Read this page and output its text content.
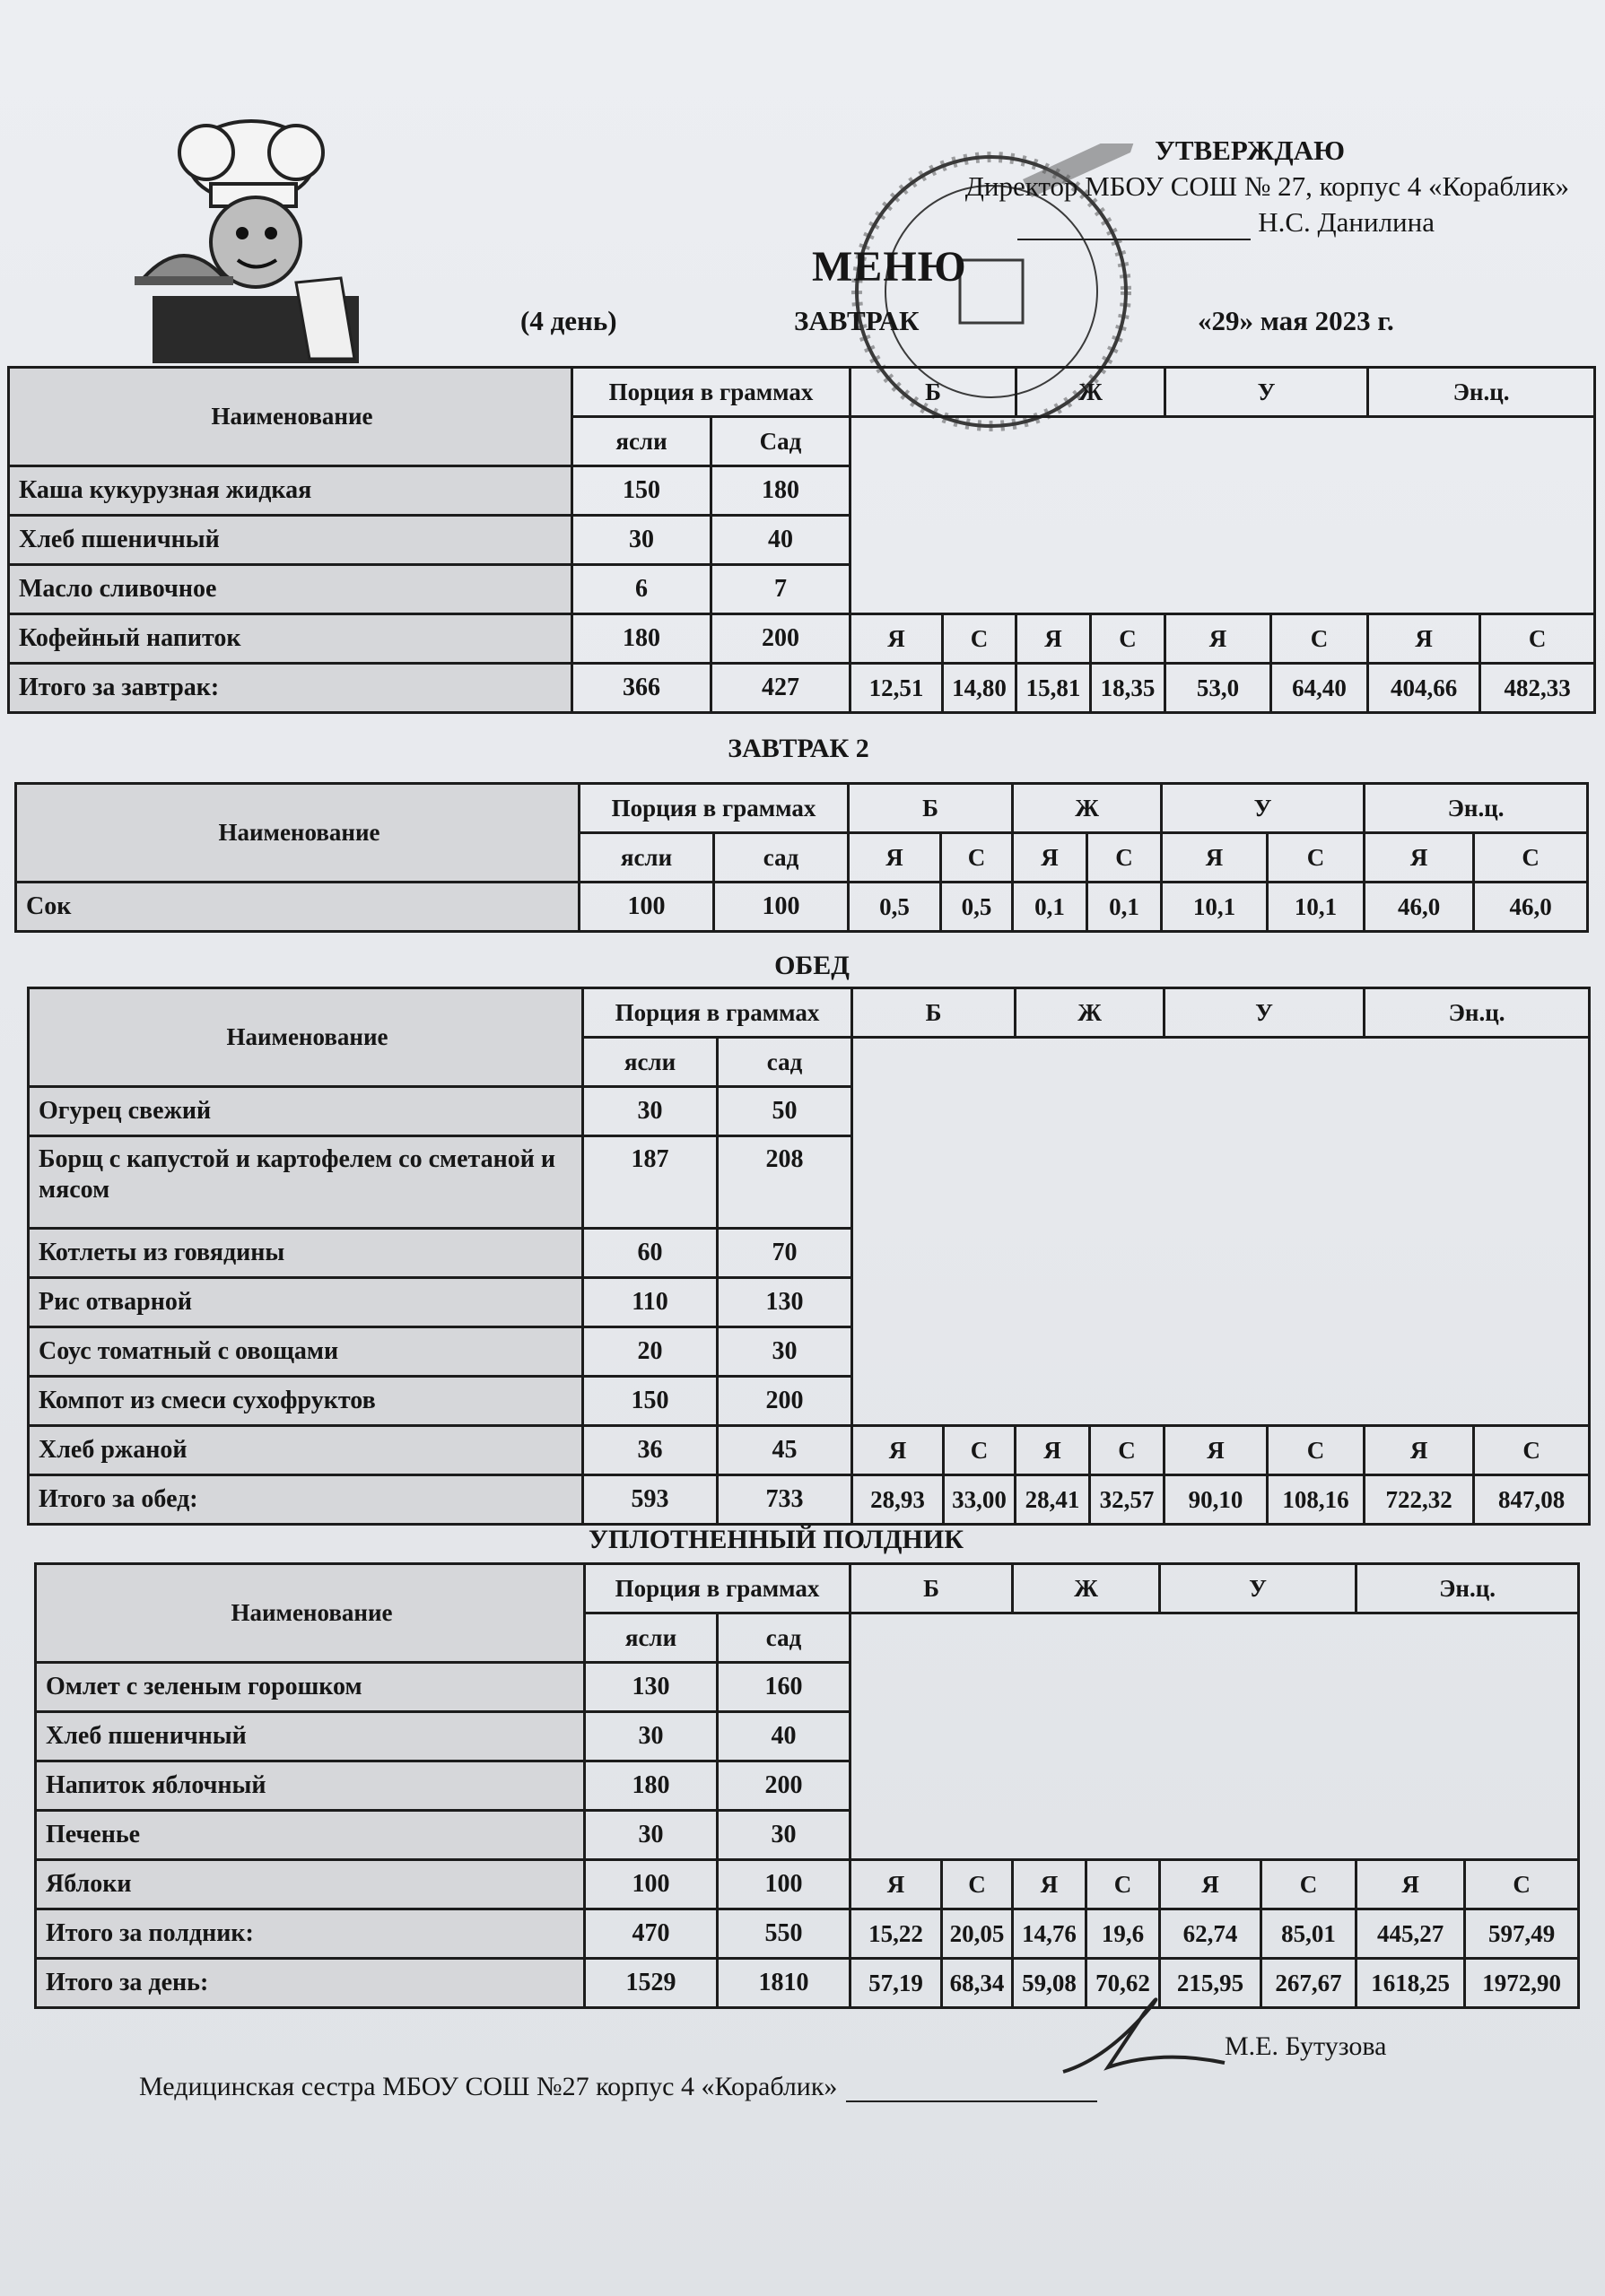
УТВЕРЖДАЮ
Директор МБОУ СОШ № 27, корпус 4 «Кораблик»
Н.С. Данилина
МЕНЮ
(4 день)	ЗАВТРАК	«29» мая 2023 г.
Наименование	Порция в граммах		Б		Ж		У		Эн.ц.	
	ясли	Сад								
Каша кукурузная жидкая	150	180								
Хлеб пшеничный	30	40								
Масло сливочное	6	7								
Кофейный напиток	180	200	Я	С	Я	С	Я	С	Я	С
Итого за завтрак:	366	427	12,51	14,80	15,81	18,35	53,0	64,40	404,66	482,33
ЗАВТРАК 2
Наименование	Порция в граммах		Б		Ж		У		Эн.ц.	
	ясли	сад	Я	С	Я	С	Я	С	Я	С
Сок	100	100	0,5	0,5	0,1	0,1	10,1	10,1	46,0	46,0
ОБЕД
Наименование	Порция в граммах		Б		Ж		У		Эн.ц.	
	ясли	сад								
Огурец свежий	30	50								
Борщ с капустой и картофелем со сметаной и мясом	187	208								
Котлеты из говядины	60	70								
Рис отварной	110	130								
Соус томатный с овощами	20	30								
Компот из смеси сухофруктов	150	200								
Хлеб ржаной	36	45	Я	С	Я	С	Я	С	Я	С
Итого за обед:	593	733	28,93	33,00	28,41	32,57	90,10	108,16	722,32	847,08
УПЛОТНЕННЫЙ ПОЛДНИК
Наименование	Порция в граммах		Б		Ж		У		Эн.ц.	
	ясли	сад								
Омлет с зеленым горошком	130	160								
Хлеб пшеничный	30	40								
Напиток яблочный	180	200								
Печенье	30	30								
Яблоки	100	100	Я	С	Я	С	Я	С	Я	С
Итого за полдник:	470	550	15,22	20,05	14,76	19,6	62,74	85,01	445,27	597,49
Итого за день:	1529	1810	57,19	68,34	59,08	70,62	215,95	267,67	1618,25	1972,90
М.Е. Бутузова
Медицинская сестра МБОУ СОШ №27 корпус 4 «Кораблик»
